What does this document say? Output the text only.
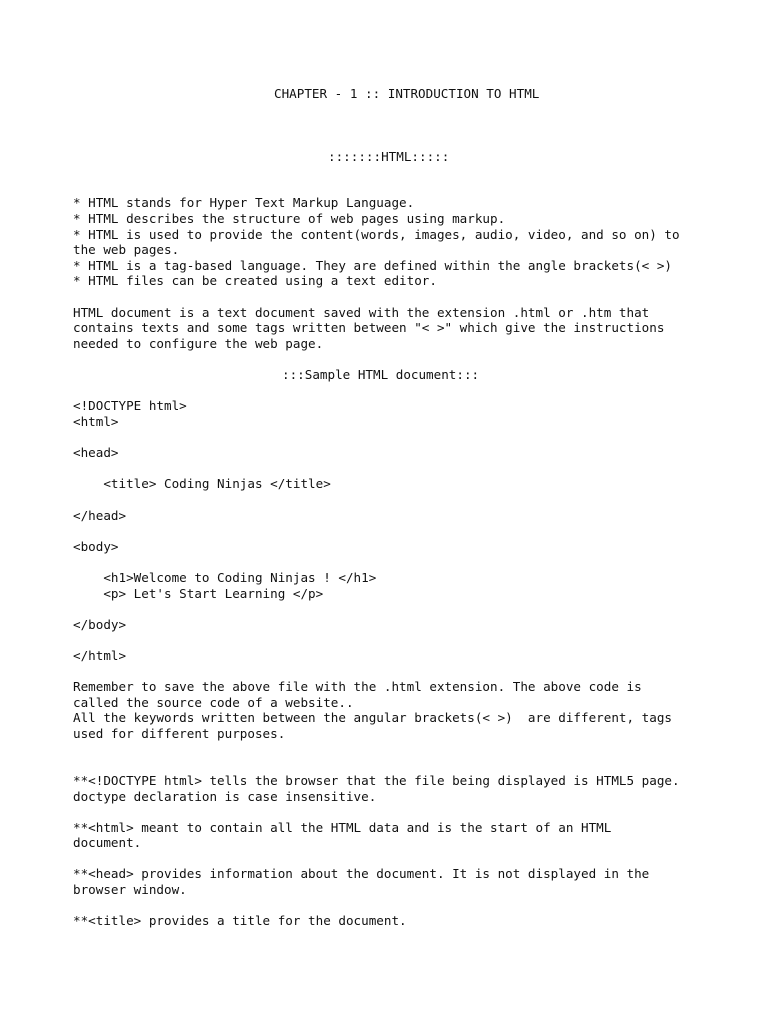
CHAPTER - 1 :: INTRODUCTION TO HTML
:::::::HTML:::::
* HTML stands for Hyper Text Markup Language.
* HTML describes the structure of web pages using markup.
* HTML is used to provide the content(words, images, audio, video, and so on) to
the web pages.
* HTML is a tag-based language. They are defined within the angle brackets(< >)
* HTML files can be created using a text editor.
HTML document is a text document saved with the extension .html or .htm that
contains texts and some tags written between "< >" which give the instructions
needed to configure the web page.
:::Sample HTML document:::
<!DOCTYPE html>
<html>
<head>
<title> Coding Ninjas </title>
</head>
<body>
<h1>Welcome to Coding Ninjas ! </h1>
<p> Let's Start Learning </p>
</body>
</html>
Remember to save the above file with the .html extension. The above code is
called the source code of a website..
All the keywords written between the angular brackets(< >)  are different, tags
used for different purposes.
**<!DOCTYPE html> tells the browser that the file being displayed is HTML5 page.
doctype declaration is case insensitive.
**<html> meant to contain all the HTML data and is the start of an HTML
document.
**<head> provides information about the document. It is not displayed in the
browser window.
**<title> provides a title for the document.
